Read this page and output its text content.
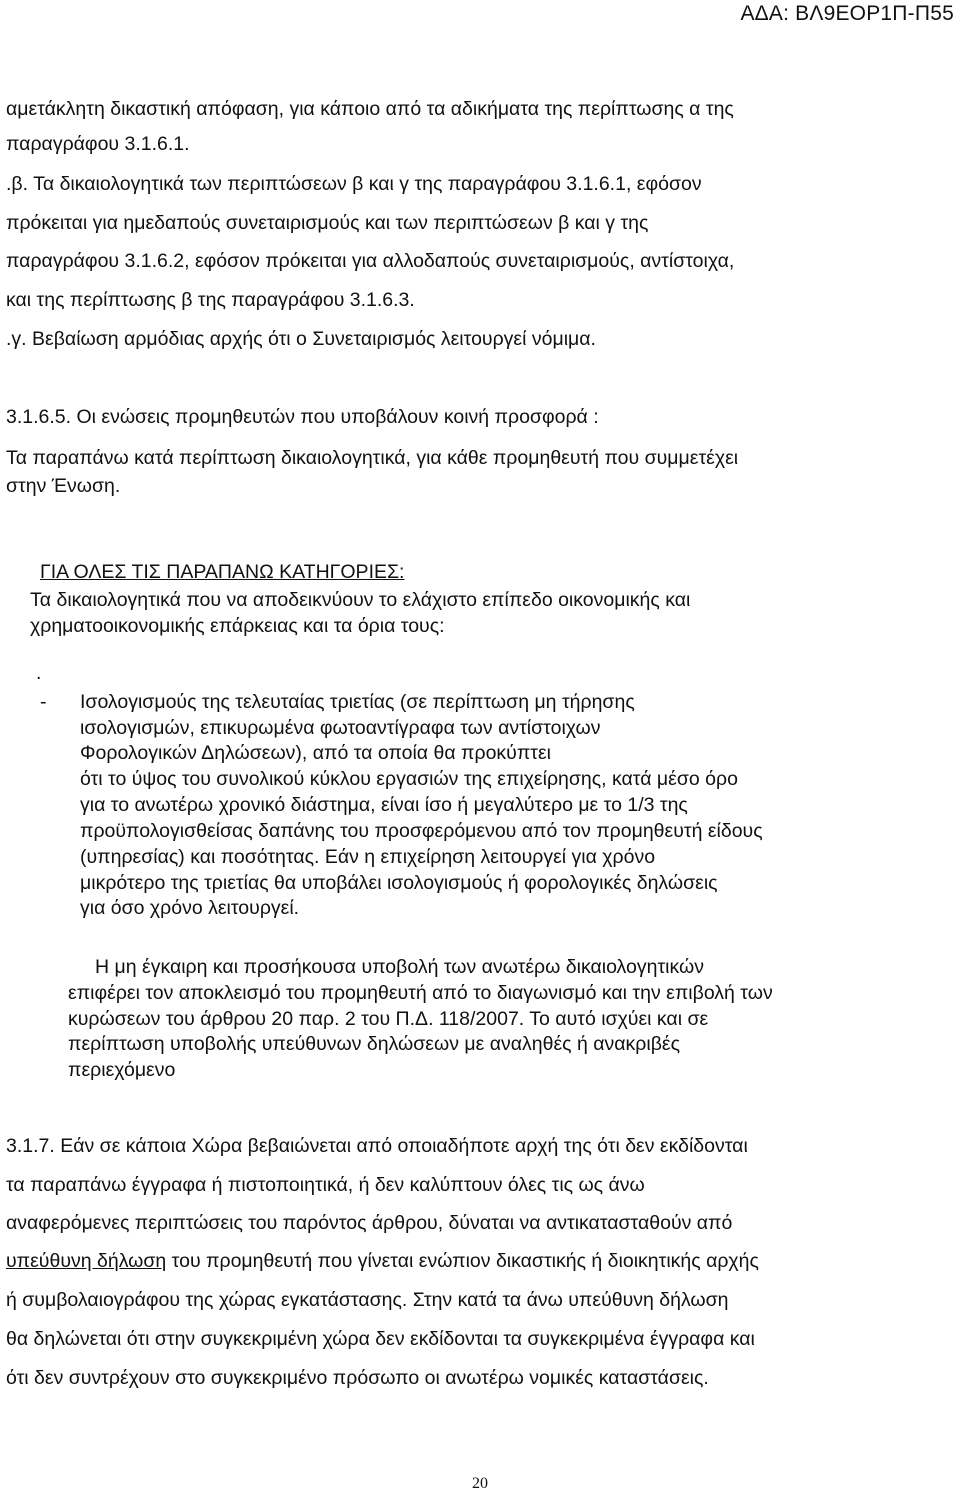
ΑΔΑ: ΒΛ9ΕΟΡ1Π-Π55
αμετάκλητη δικαστική απόφαση, για κάποιο από τα αδικήματα της περίπτωσης α της
παραγράφου 3.1.6.1.
.β. Τα δικαιολογητικά των περιπτώσεων β και γ της παραγράφου 3.1.6.1, εφόσον
πρόκειται για ημεδαπούς συνεταιρισμούς και των περιπτώσεων β και γ της
παραγράφου 3.1.6.2, εφόσον πρόκειται για αλλοδαπούς συνεταιρισμούς, αντίστοιχα,
και της περίπτωσης β της παραγράφου 3.1.6.3.
.γ. Βεβαίωση αρμόδιας αρχής ότι ο Συνεταιρισμός λειτουργεί νόμιμα.
3.1.6.5. Οι ενώσεις προμηθευτών που υποβάλουν κοινή προσφορά :
Τα παραπάνω κατά περίπτωση δικαιολογητικά, για κάθε προμηθευτή που συμμετέχει
στην Ένωση.
ΓΙΑ ΟΛΕΣ ΤΙΣ ΠΑΡΑΠΑΝΩ ΚΑΤΗΓΟΡΙΕΣ:
Τα δικαιολογητικά που να αποδεικνύουν το ελάχιστο επίπεδο οικονομικής και
χρηματοοικονομικής επάρκειας και τα όρια τους:
.
- Ισολογισμούς της τελευταίας τριετίας (σε περίπτωση μη τήρησης
ισολογισμών, επικυρωμένα φωτοαντίγραφα των αντίστοιχων
Φορολογικών Δηλώσεων), από τα οποία θα προκύπτει
ότι το ύψος του συνολικού κύκλου εργασιών της επιχείρησης, κατά μέσο όρο
για το ανωτέρω χρονικό διάστημα, είναι ίσο ή μεγαλύτερο με το 1/3 της
προϋπολογισθείσας δαπάνης του προσφερόμενου από τον προμηθευτή είδους
(υπηρεσίας) και ποσότητας. Εάν η επιχείρηση λειτουργεί για χρόνο
μικρότερο της τριετίας θα υποβάλει ισολογισμούς ή φορολογικές δηλώσεις
για όσο χρόνο λειτουργεί.
Η μη έγκαιρη και προσήκουσα υποβολή των ανωτέρω δικαιολογητικών
επιφέρει τον αποκλεισμό του προμηθευτή από το διαγωνισμό και την επιβολή των
κυρώσεων του άρθρου 20 παρ. 2 του Π.Δ. 118/2007. Το αυτό ισχύει και σε
περίπτωση υποβολής υπεύθυνων δηλώσεων με αναληθές ή ανακριβές
περιεχόμενο
3.1.7. Εάν σε κάποια Χώρα βεβαιώνεται από οποιαδήποτε αρχή της ότι δεν εκδίδονται
τα παραπάνω έγγραφα ή πιστοποιητικά, ή δεν καλύπτουν όλες τις ως άνω
αναφερόμενες περιπτώσεις του παρόντος άρθρου, δύναται να αντικατασταθούν από
υπεύθυνη δήλωση του προμηθευτή που γίνεται ενώπιον δικαστικής ή διοικητικής αρχής
ή συμβολαιογράφου της χώρας εγκατάστασης. Στην κατά τα άνω υπεύθυνη δήλωση
θα δηλώνεται ότι στην συγκεκριμένη χώρα δεν εκδίδονται τα συγκεκριμένα έγγραφα και
ότι δεν συντρέχουν στο συγκεκριμένο πρόσωπο οι ανωτέρω νομικές καταστάσεις.
20
